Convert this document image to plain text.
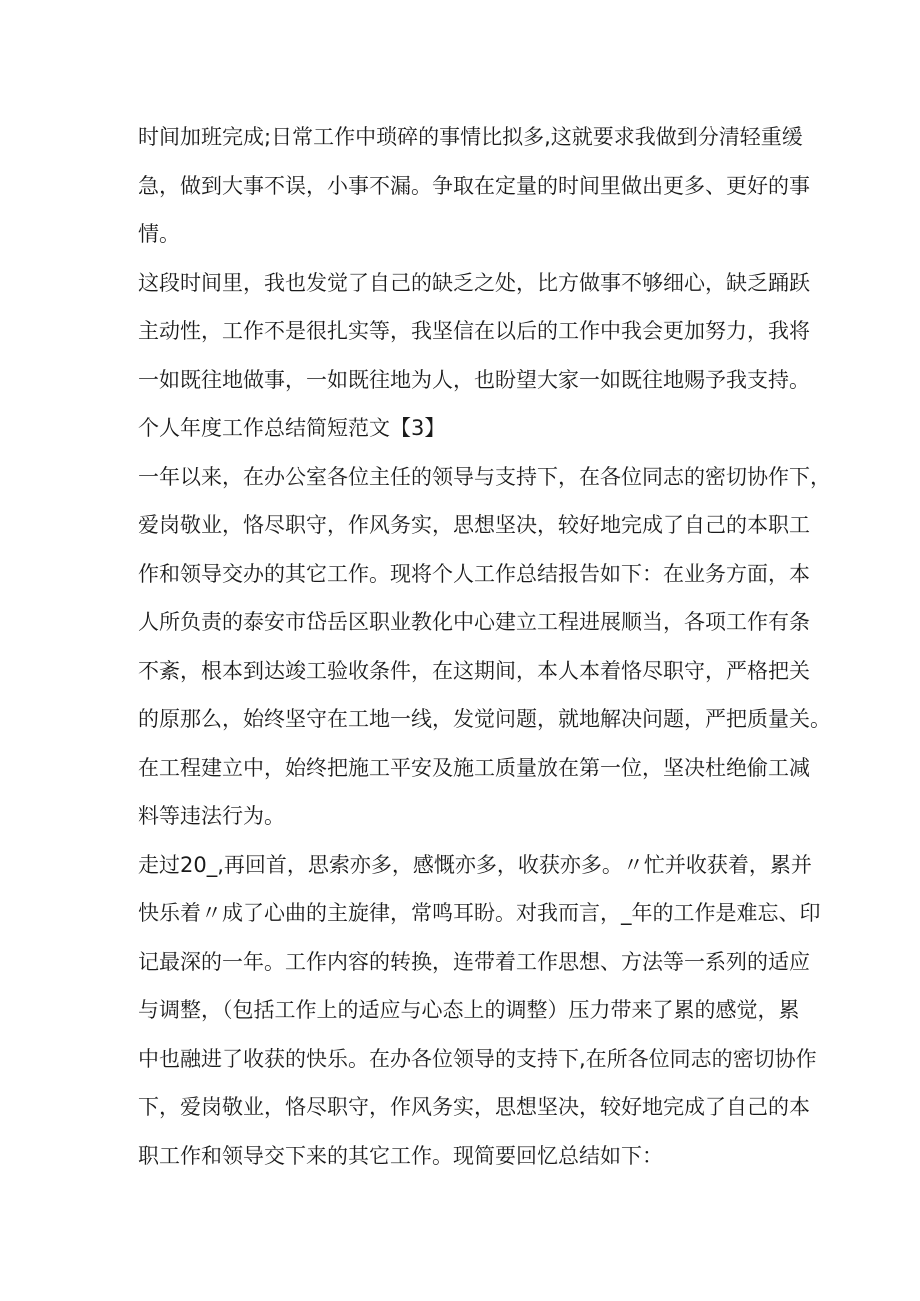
时间加班完成;日常工作中琐碎的事情比拟多,这就要求我做到分清轻重缓
急，做到大事不误，小事不漏。争取在定量的时间里做出更多、更好的事
情。
这段时间里，我也发觉了自己的缺乏之处，比方做事不够细心，缺乏踊跃
主动性，工作不是很扎实等，我坚信在以后的工作中我会更加努力，我将
一如既往地做事，一如既往地为人，也盼望大家一如既往地赐予我支持。
个人年度工作总结简短范文【3】
一年以来，在办公室各位主任的领导与支持下，在各位同志的密切协作下，
爱岗敬业，恪尽职守，作风务实，思想坚决，较好地完成了自己的本职工
作和领导交办的其它工作。现将个人工作总结报告如下：在业务方面，本
人所负责的泰安市岱岳区职业教化中心建立工程进展顺当，各项工作有条
不紊，根本到达竣工验收条件，在这期间，本人本着恪尽职守，严格把关
的原那么，始终坚守在工地一线，发觉问题，就地解决问题，严把质量关。
在工程建立中，始终把施工平安及施工质量放在第一位，坚决杜绝偷工减
料等违法行为。
走过20_,再回首，思索亦多，感慨亦多，收获亦多。〃忙并收获着，累并
快乐着〃成了心曲的主旋律，常鸣耳盼。对我而言，_年的工作是难忘、印
记最深的一年。工作内容的转换，连带着工作思想、方法等一系列的适应
与调整，（包括工作上的适应与心态上的调整）压力带来了累的感觉，累
中也融进了收获的快乐。在办各位领导的支持下,在所各位同志的密切协作
下，爱岗敬业，恪尽职守，作风务实，思想坚决，较好地完成了自己的本
职工作和领导交下来的其它工作。现简要回忆总结如下：
